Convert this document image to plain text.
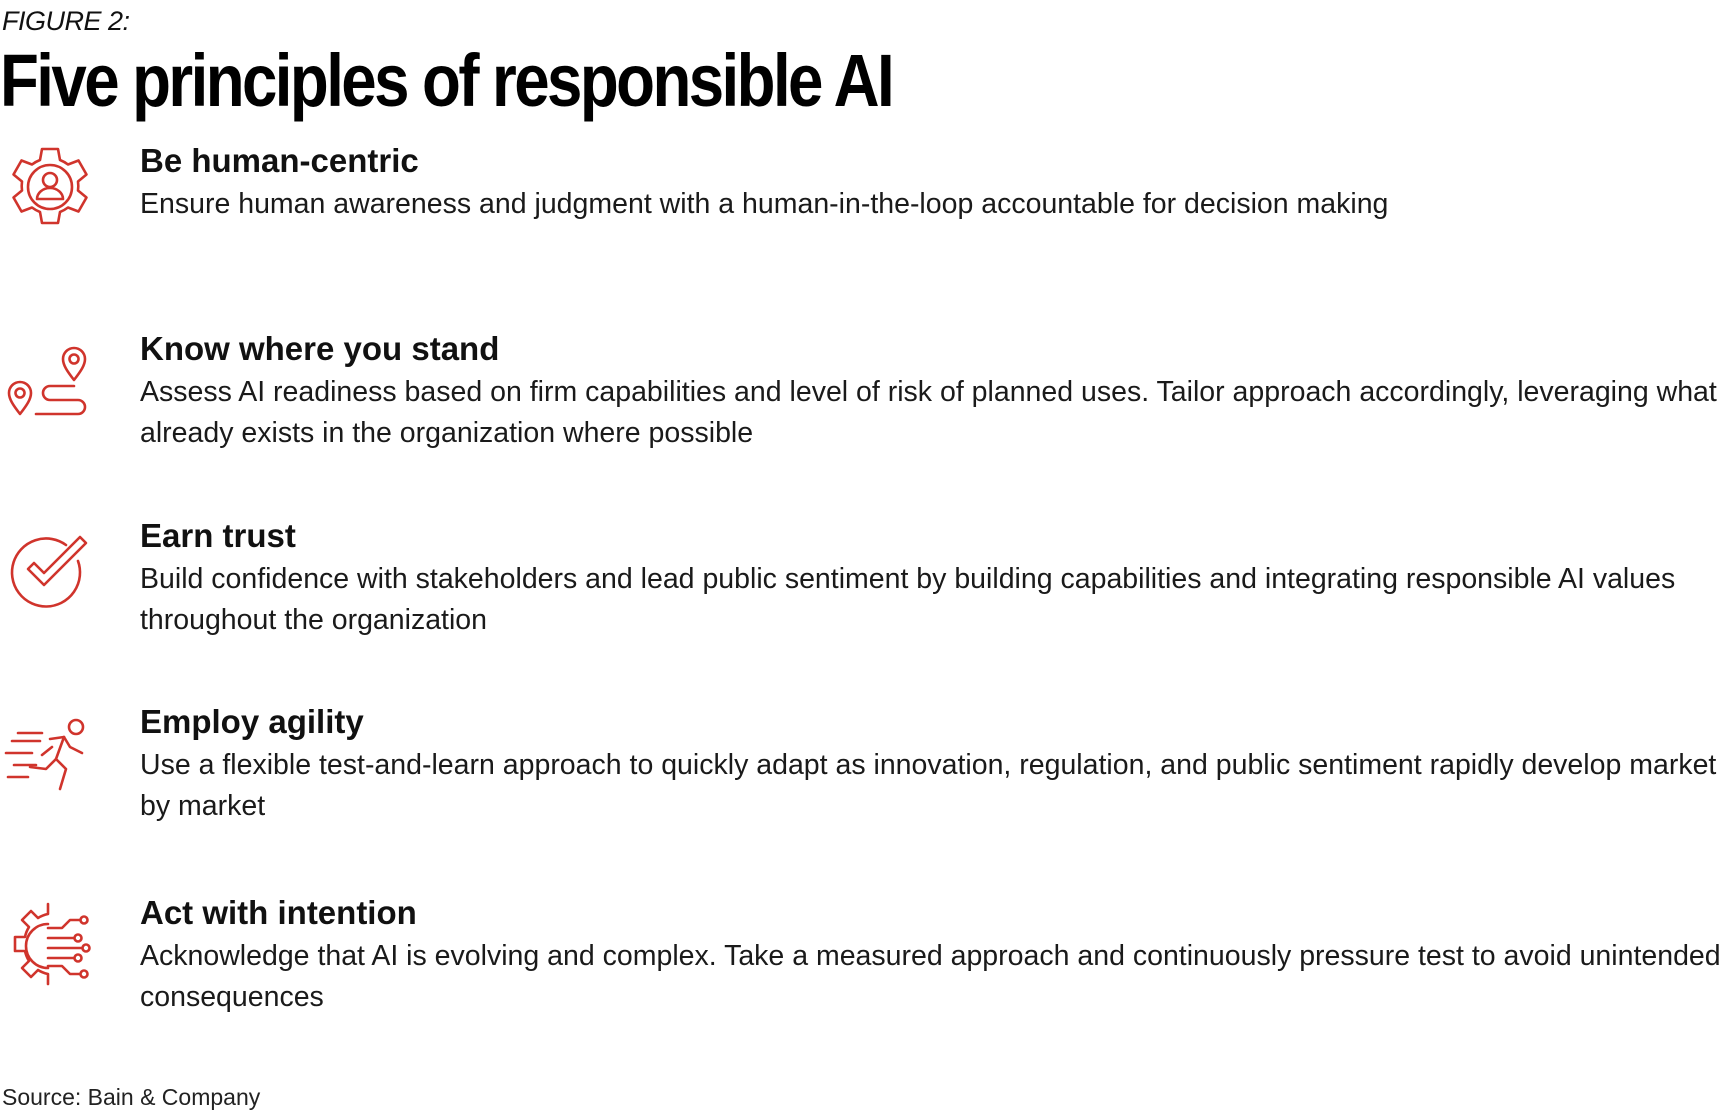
FIGURE 2:
Five principles of responsible AI
Be human-centric
Ensure human awareness and judgment with a human-in-the-loop accountable for decision making
Know where you stand
Assess AI readiness based on firm capabilities and level of risk of planned uses. Tailor approach accordingly, leveraging what already exists in the organization where possible
Earn trust
Build confidence with stakeholders and lead public sentiment by building capabilities and integrating responsible AI values throughout the organization
Employ agility
Use a flexible test-and-learn approach to quickly adapt as innovation, regulation, and public sentiment rapidly develop market by market
Act with intention
Acknowledge that AI is evolving and complex. Take a measured approach and continuously pressure test to avoid unintended consequences
Source: Bain & Company
